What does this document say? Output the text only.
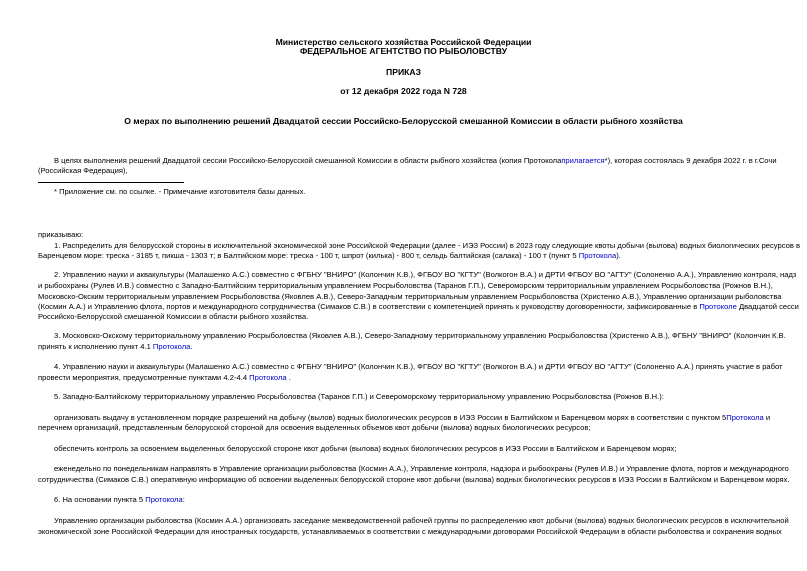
Министерство сельского хозяйства Российской Федерации
ФЕДЕРАЛЬНОЕ АГЕНТСТВО ПО РЫБОЛОВСТВУ
ПРИКАЗ
от 12 декабря 2022 года N 728
О мерах по выполнению решений Двадцатой сессии Российско-Белорусской смешанной Комиссии в области рыбного хозяйства
В целях выполнения решений Двадцатой сессии Российско-Белорусской смешанной Комиссии в области рыбного хозяйства (копия Протоколаприлагается*), которая состоялась 9 декабря 2022 г. в г.Сочи
(Российская Федерация),
* Приложение см. по ссылке. - Примечание изготовителя базы данных.
приказываю:
1. Распределить для белорусской стороны в исключительной экономической зоне Российской Федерации (далее - ИЭЗ России) в 2023 году следующие квоты добычи (вылова) водных биологических ресурсов в
Баренцевом море: треска - 3185 т, пикша - 1303 т; в Балтийском море: треска - 100 т, шпрот (килька) - 800 т, сельдь балтийская (салака) - 100 т (пункт 5 Протокола).
2. Управлению науки и аквакультуры (Малашенко А.С.) совместно с ФГБНУ "ВНИРО" (Колончин К.В.), ФГБОУ ВО "КГТУ" (Волкогон В.А.) и ДРТИ ФГБОУ ВО "АГТУ" (Солоненко А.А.), Управлению контроля, надз
и рыбоохраны (Рулев И.В.) совместно с Западно-Балтийским территориальным управлением Росрыболовства (Таранов Г.П.), Североморским территориальным управлением Росрыболовства (Рожнов В.Н.),
Московско-Окским территориальным управлением Росрыболовства (Яковлев А.В.), Северо-Западным территориальным управлением Росрыболовства (Христенко А.В.), Управлению организации рыболовства
(Космин А.А.) и Управлению флота, портов и международного сотрудничества (Симаков С.В.) в соответствии с компетенцией принять к руководству договоренности, зафиксированные в Протоколе Двадцатой сесси
Российско-Белорусской смешанной Комиссии в области рыбного хозяйства.
3. Московско-Окскому территориальному управлению Росрыболовства (Яковлев А.В.), Северо-Западному территориальному управлению Росрыболовства (Христенко А.В.), ФГБНУ "ВНИРО" (Колончин К.В.
принять к исполнению пункт 4.1 Протокола.
4. Управлению науки и аквакультуры (Малашенко А.С.) совместно с ФГБНУ "ВНИРО" (Колончин К.В.), ФГБОУ ВО "КГТУ" (Волкогон В.А.) и ДРТИ ФГБОУ ВО "АГТУ" (Солоненко А.А.) принять участие в работ
провести мероприятия, предусмотренные пунктами 4.2-4.4 Протокола .
5. Западно-Балтийскому территориальному управлению Росрыболовства (Таранов Г.П.) и Североморскому территориальному управлению Росрыболовства (Рожнов В.Н.):
организовать выдачу в установленном порядке разрешений на добычу (вылов) водных биологических ресурсов в ИЭЗ России в Балтийском и Баренцевом морях в соответствии с пунктом 5Протокола и
перечнем организаций, представленным белорусской стороной для освоения выделенных объемов квот добычи (вылова) водных биологических ресурсов;
обеспечить контроль за освоением выделенных белорусской стороне квот добычи (вылова) водных биологических ресурсов в ИЭЗ России в Балтийском и Баренцевом морях;
еженедельно по понедельникам направлять в Управление организации рыболовства (Космин А.А.), Управление контроля, надзора и рыбоохраны (Рулев И.В.) и Управление флота, портов и международного
сотрудничества (Симаков С.В.) оперативную информацию об освоении выделенных белорусской стороне квот добычи (вылова) водных биологических ресурсов в ИЭЗ России в Балтийском и Баренцевом морях.
6. На основании пункта 5 Протокола:
Управлению организации рыболовства (Космин А.А.) организовать заседание межведомственной рабочей группы по распределению квот добычи (вылова) водных биологических ресурсов в исключительной
экономической зоне Российской Федерации для иностранных государств, устанавливаемых в соответствии с международными договорами Российской Федерации в области рыболовства и сохранения водных
